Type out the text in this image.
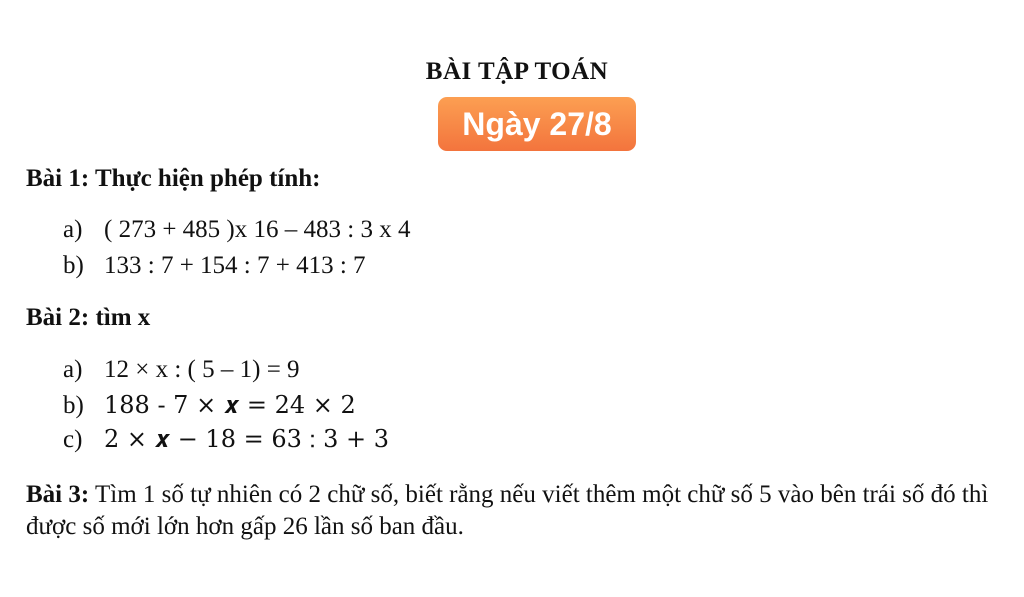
BÀI TẬP TOÁN
Ngày 27/8
Bài 1: Thực hiện phép tính:
a) ( 273 + 485 )x 16 – 483 : 3 x 4
b) 133 : 7 + 154 : 7 + 413 : 7
Bài 2: tìm x
a) 12 × x : ( 5 – 1) = 9
b) 188 - 7 × 𝒙 = 24 × 2
c) 2 × 𝒙 − 18 = 63 ∶ 3 + 3
Bài 3: Tìm 1 số tự nhiên có 2 chữ số, biết rằng nếu viết thêm một chữ số 5 vào bên trái số đó thì được số mới lớn hơn gấp 26 lần số ban đầu.
